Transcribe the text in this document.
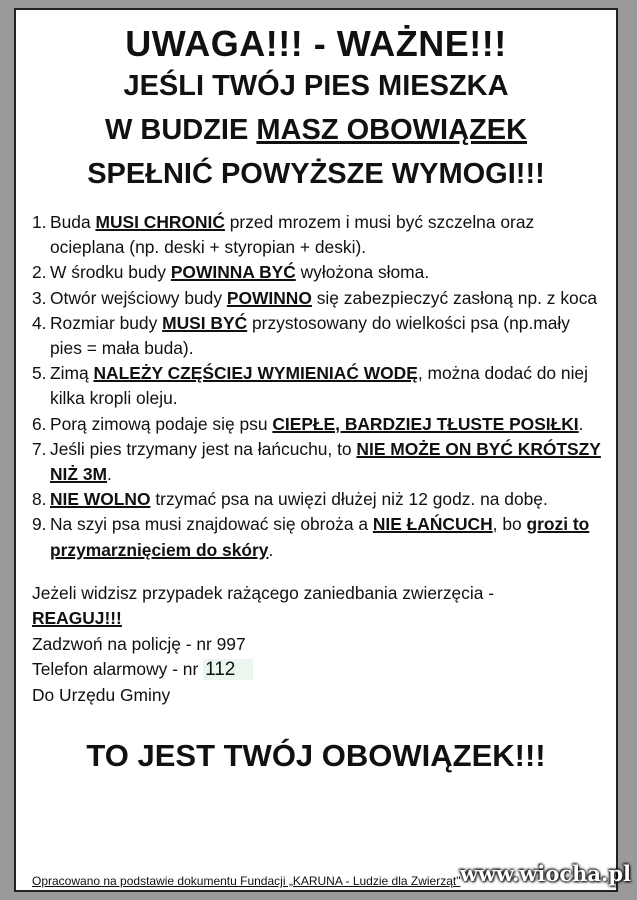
UWAGA!!! - WAŻNE!!!
JEŚLI TWÓJ PIES MIESZKA
W BUDZIE MASZ OBOWIĄZEK
SPEŁNIĆ POWYŻSZE WYMOGI!!!
1. Buda MUSI CHRONIĆ przed mrozem i musi być szczelna oraz ocieplana (np. deski + styropian + deski).
2. W środku budy POWINNA BYĆ wyłożona słoma.
3. Otwór wejściowy budy POWINNO się zabezpieczyć zasłoną np. z koca
4. Rozmiar budy MUSI BYĆ przystosowany do wielkości psa (np.mały pies = mała buda).
5. Zimą NALEŻY CZĘŚCIEJ WYMIENIAĆ WODĘ, można dodać do niej kilka kropli oleju.
6. Porą zimową podaje się psu CIEPŁE, BARDZIEJ TŁUSTE POSIŁKI.
7. Jeśli pies trzymany jest na łańcuchu, to NIE MOŻE ON BYĆ KRÓTSZY NIŻ 3M.
8. NIE WOLNO trzymać psa na uwięzi dłużej niż 12 godz. na dobę.
9. Na szyi psa musi znajdować się obroża a NIE ŁAŃCUCH, bo grozi to przymarznięciem do skóry.
Jeżeli widzisz przypadek rażącego zaniedbania zwierzęcia -
REAGUJ!!!
Zadzwoń na policję - nr 997
Telefon alarmowy - nr 112
Do Urzędu Gminy
TO JEST TWÓJ OBOWIĄZEK!!!
Opracowano na podstawie dokumentu Fundacji „KARUNA - Ludzie dla Zwierząt" www.wiocha.pl
